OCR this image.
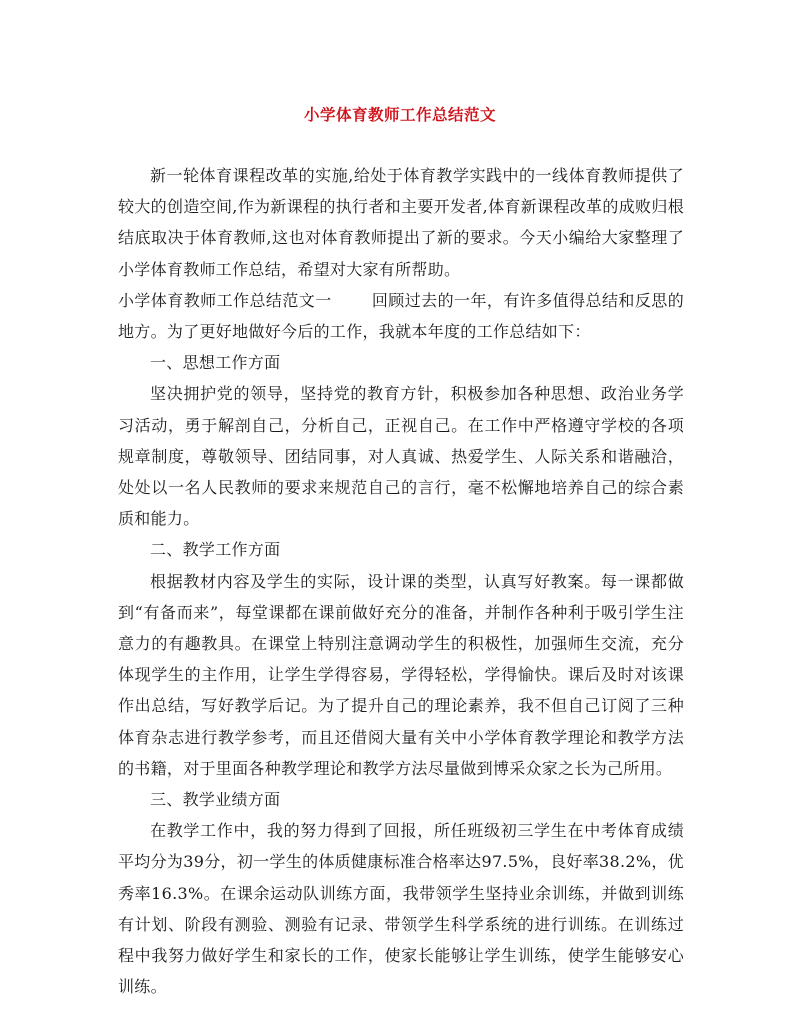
小学体育教师工作总结范文

新一轮体育课程改革的实施,给处于体育教学实践中的一线体育教师提供了较大的创造空间,作为新课程的执行者和主要开发者,体育新课程改革的成败归根结底取决于体育教师,这也对体育教师提出了新的要求。今天小编给大家整理了小学体育教师工作总结，希望对大家有所帮助。

小学体育教师工作总结范文一	回顾过去的一年，有许多值得总结和反思的地方。为了更好地做好今后的工作，我就本年度的工作总结如下：

一、思想工作方面

坚决拥护党的领导，坚持党的教育方针，积极参加各种思想、政治业务学习活动，勇于解剖自己，分析自己，正视自己。在工作中严格遵守学校的各项规章制度，尊敬领导、团结同事，对人真诚、热爱学生、人际关系和谐融洽，处处以一名人民教师的要求来规范自己的言行，毫不松懈地培养自己的综合素质和能力。

二、教学工作方面

根据教材内容及学生的实际，设计课的类型，认真写好教案。每一课都做到“有备而来”，每堂课都在课前做好充分的准备，并制作各种利于吸引学生注意力的有趣教具。在课堂上特别注意调动学生的积极性，加强师生交流，充分体现学生的主作用，让学生学得容易，学得轻松，学得愉快。课后及时对该课作出总结，写好教学后记。为了提升自己的理论素养，我不但自己订阅了三种体育杂志进行教学参考，而且还借阅大量有关中小学体育教学理论和教学方法的书籍，对于里面各种教学理论和教学方法尽量做到博采众家之长为己所用。

三、教学业绩方面

在教学工作中，我的努力得到了回报，所任班级初三学生在中考体育成绩平均分为39分，初一学生的体质健康标准合格率达97.5%，良好率38.2%，优秀率16.3%。在课余运动队训练方面，我带领学生坚持业余训练，并做到训练有计划、阶段有测验、测验有记录、带领学生科学系统的进行训练。在训练过程中我努力做好学生和家长的工作，使家长能够让学生训练，使学生能够安心训练。
